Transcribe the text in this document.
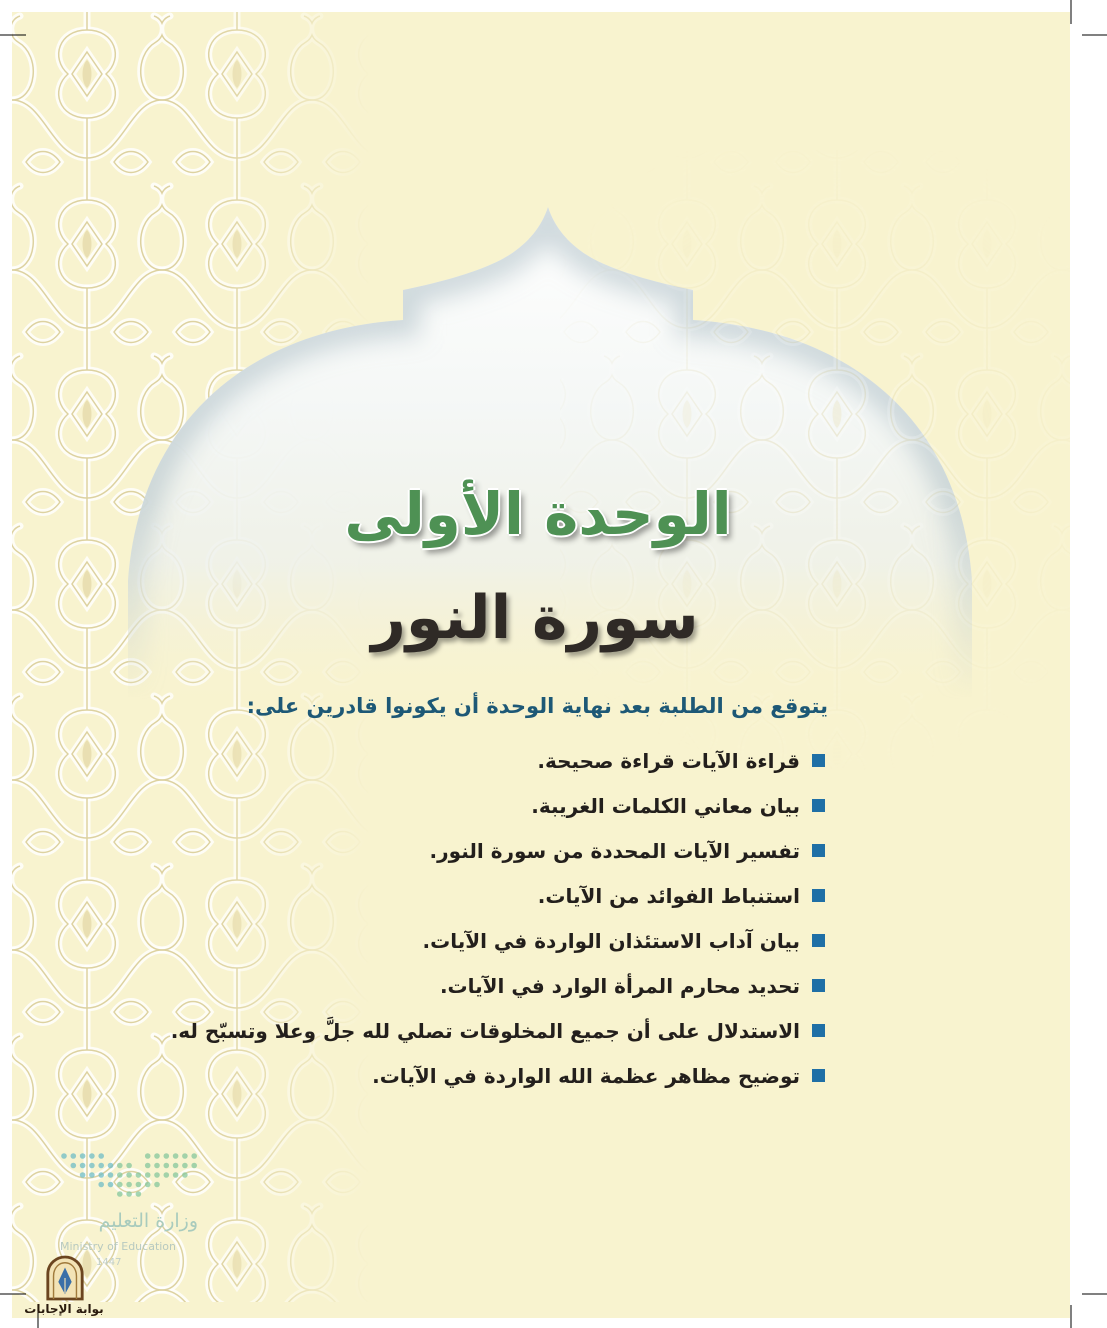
الوحدة الأولى
سورة النور
يتوقع من الطلبة بعد نهاية الوحدة أن يكونوا قادرين على:
قراءة الآيات قراءة صحيحة.
بيان معاني الكلمات الغريبة.
تفسير الآيات المحددة من سورة النور.
استنباط الفوائد من الآيات.
بيان آداب الاستئذان الواردة في الآيات.
تحديد محارم المرأة الوارد في الآيات.
الاستدلال على أن جميع المخلوقات تصلي لله جلَّ وعلا وتسبّح له.
توضيح مظاهر عظمة الله الواردة في الآيات.
وزارة التعليم
Ministry of Education
1447
بوابة الإجابات
